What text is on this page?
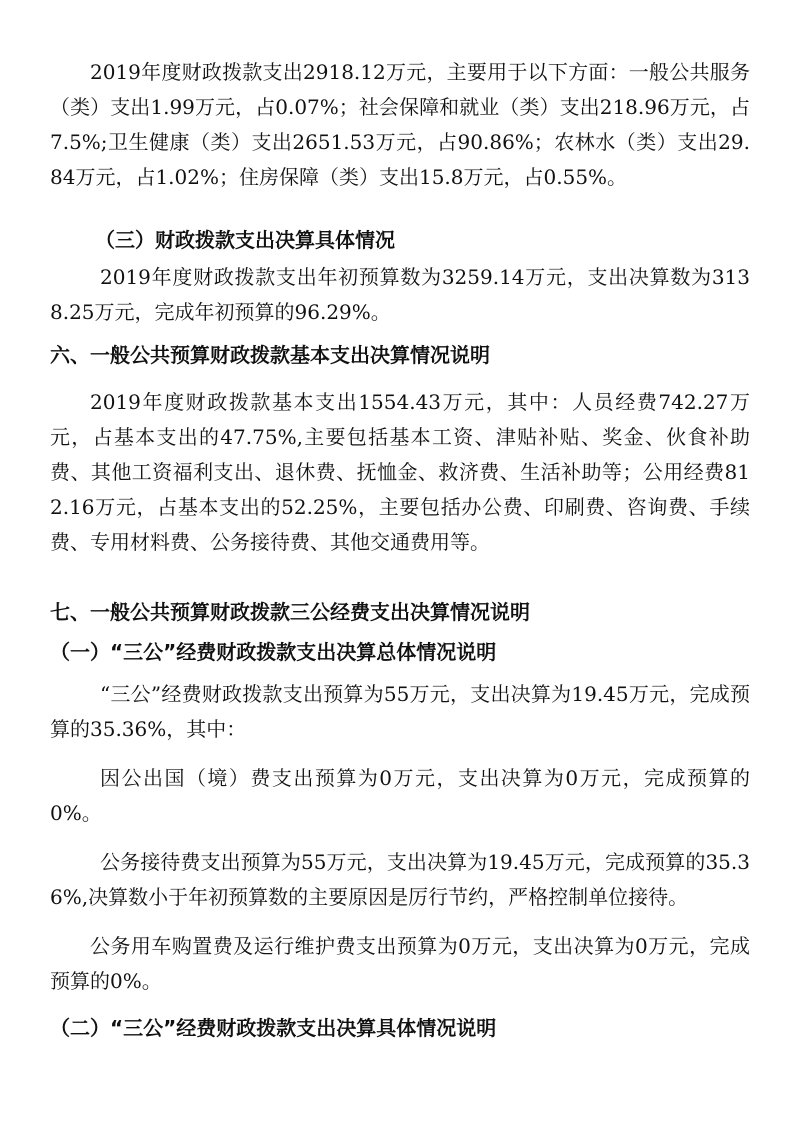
2019年度财政拨款支出2918.12万元，主要用于以下方面：一般公共服务（类）支出1.99万元，占0.07%；社会保障和就业（类）支出218.96万元，占7.5%;卫生健康（类）支出2651.53万元，占90.86%；农林水（类）支出29.84万元，占1.02%；住房保障（类）支出15.8万元，占0.55%。

（三）财政拨款支出决算具体情况

2019年度财政拨款支出年初预算数为3259.14万元，支出决算数为3138.25万元，完成年初预算的96.29%。

六、一般公共预算财政拨款基本支出决算情况说明

2019年度财政拨款基本支出1554.43万元，其中：人员经费742.27万元，占基本支出的47.75%,主要包括基本工资、津贴补贴、奖金、伙食补助费、其他工资福利支出、退休费、抚恤金、救济费、生活补助等；公用经费812.16万元，占基本支出的52.25%，主要包括办公费、印刷费、咨询费、手续费、专用材料费、公务接待费、其他交通费用等。

七、一般公共预算财政拨款三公经费支出决算情况说明
（一）“三公”经费财政拨款支出决算总体情况说明

“三公”经费财政拨款支出预算为55万元，支出决算为19.45万元，完成预算的35.36%，其中：

因公出国（境）费支出预算为0万元，支出决算为0万元，完成预算的0%。

公务接待费支出预算为55万元，支出决算为19.45万元，完成预算的35.36%,决算数小于年初预算数的主要原因是厉行节约，严格控制单位接待。

公务用车购置费及运行维护费支出预算为0万元，支出决算为0万元，完成预算的0%。

（二）“三公”经费财政拨款支出决算具体情况说明
